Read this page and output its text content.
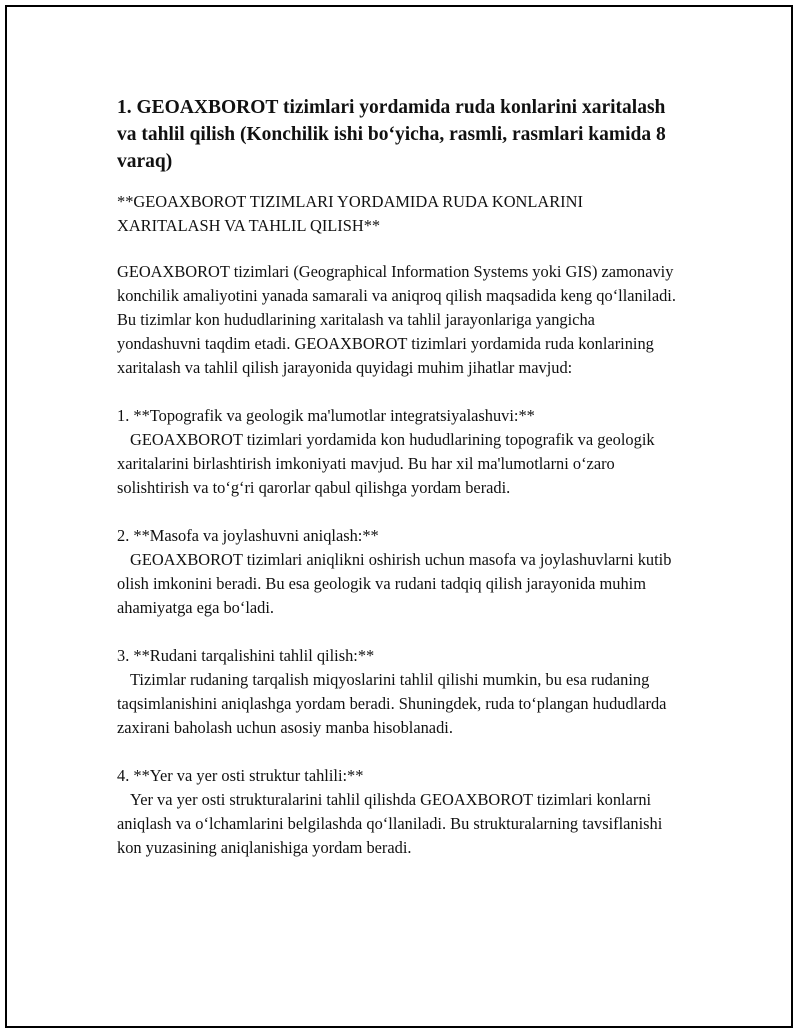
1. GEOAXBOROT tizimlari yordamida ruda konlarini xaritalash va tahlil qilish (Konchilik ishi bo‘yicha, rasmli, rasmlari kamida 8 varaq)
**GEOAXBOROT TIZIMLARI YORDAMIDA RUDA KONLARINI
XARITALASH VA TAHLIL QILISH**

GEOAXBOROT tizimlari (Geographical Information Systems yoki GIS) zamonaviy konchilik amaliyotini yanada samarali va aniqroq qilish maqsadida keng qo‘llaniladi. Bu tizimlar kon hududlarining xaritalash va tahlil jarayonlariga yangicha yondashuvni taqdim etadi. GEOAXBOROT tizimlari yordamida ruda konlarining xaritalash va tahlil qilish jarayonida quyidagi muhim jihatlar mavjud:

1. **Topografik va geologik ma'lumotlar integratsiyalashuvi:**
GEOAXBOROT tizimlari yordamida kon hududlarining topografik va geologik xaritalarini birlashtirish imkoniyati mavjud. Bu har xil ma'lumotlarni o‘zaro solishtirish va to‘g‘ri qarorlar qabul qilishga yordam beradi.
2. **Masofa va joylashuvni aniqlash:**
GEOAXBOROT tizimlari aniqlikni oshirish uchun masofa va joylashuvlarni kutib olish imkonini beradi. Bu esa geologik va rudani tadqiq qilish jarayonida muhim ahamiyatga ega bo‘ladi.
3. **Rudani tarqalishini tahlil qilish:**
Tizimlar rudaning tarqalish miqyoslarini tahlil qilishi mumkin, bu esa rudaning taqsimlanishini aniqlashga yordam beradi. Shuningdek, ruda to‘plangan hududlarda zaxirani baholash uchun asosiy manba hisoblanadi.
4. **Yer va yer osti struktur tahlili:**
Yer va yer osti strukturalarini tahlil qilishda GEOAXBOROT tizimlari konlarni aniqlash va o‘lchamlarini belgilashda qo‘llaniladi. Bu strukturalarning tavsiflanishi kon yuzasining aniqlanishiga yordam beradi.
